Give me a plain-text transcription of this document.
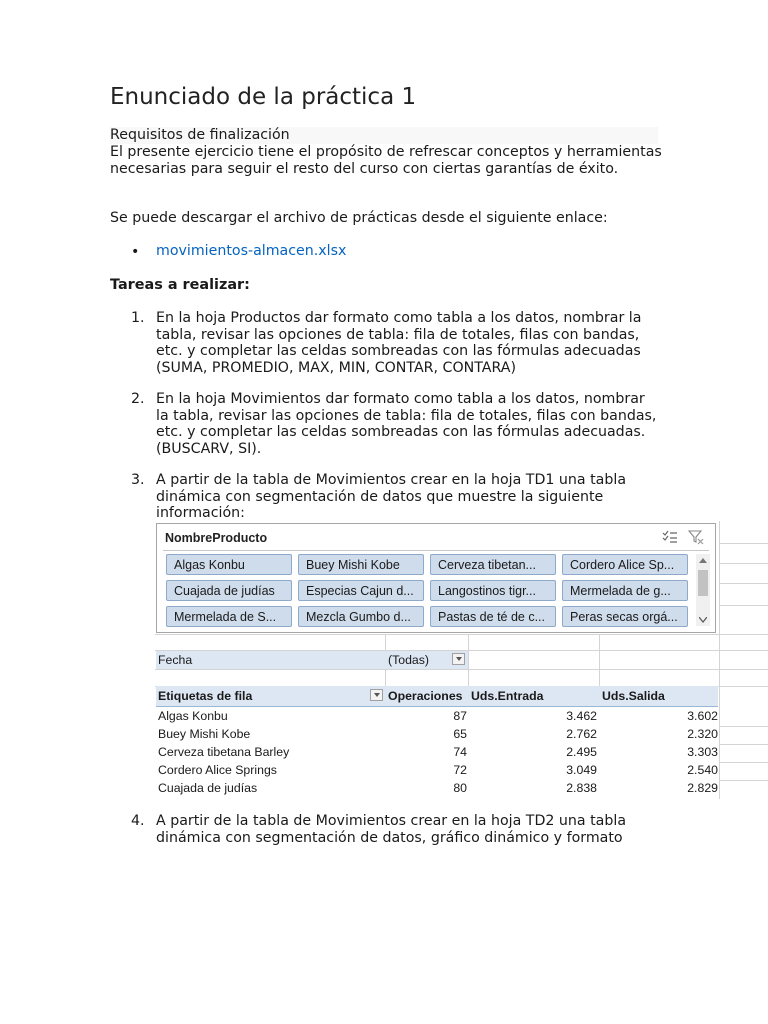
Enunciado de la práctica 1
Requisitos de finalización

El presente ejercicio tiene el propósito de refrescar conceptos y herramientas necesarias para seguir el resto del curso con ciertas garantías de éxito.

Se puede descargar el archivo de prácticas desde el siguiente enlace:

• movimientos-almacen.xlsx
Tareas a realizar:
1. En la hoja Productos dar formato como tabla a los datos, nombrar la tabla, revisar las opciones de tabla: fila de totales, filas con bandas, etc. y completar las celdas sombreadas con las fórmulas adecuadas (SUMA, PROMEDIO, MAX, MIN, CONTAR, CONTARA)

2. En la hoja Movimientos dar formato como tabla a los datos, nombrar la tabla, revisar las opciones de tabla: fila de totales, filas con bandas, etc. y completar las celdas sombreadas con las fórmulas adecuadas. (BUSCARV, SI).

3. A partir de la tabla de Movimientos crear en la hoja TD1 una tabla dinámica con segmentación de datos que muestre la siguiente información:

NombreProducto
Algas Konbu	Buey Mishi Kobe	Cerveza tibetan...	Cordero Alice Sp...
Cuajada de judías	Especias Cajun d...	Langostinos tigr...	Mermelada de g...
Mermelada de S...	Mezcla Gumbo d...	Pastas de té de c...	Peras secas orgá...
Fecha	(Todas)
Etiquetas de fila	Operaciones Uds.Entrada	Uds.Salida
Algas Konbu	87	3.462	3.602
Buey Mishi Kobe	65	2.762	2.320
Cerveza tibetana Barley	74	2.495	3.303
Cordero Alice Springs	72	3.049	2.540
Cuajada de judías	80	2.838	2.829
4. A partir de la tabla de Movimientos crear en la hoja TD2 una tabla dinámica con segmentación de datos, gráfico dinámico y formato
